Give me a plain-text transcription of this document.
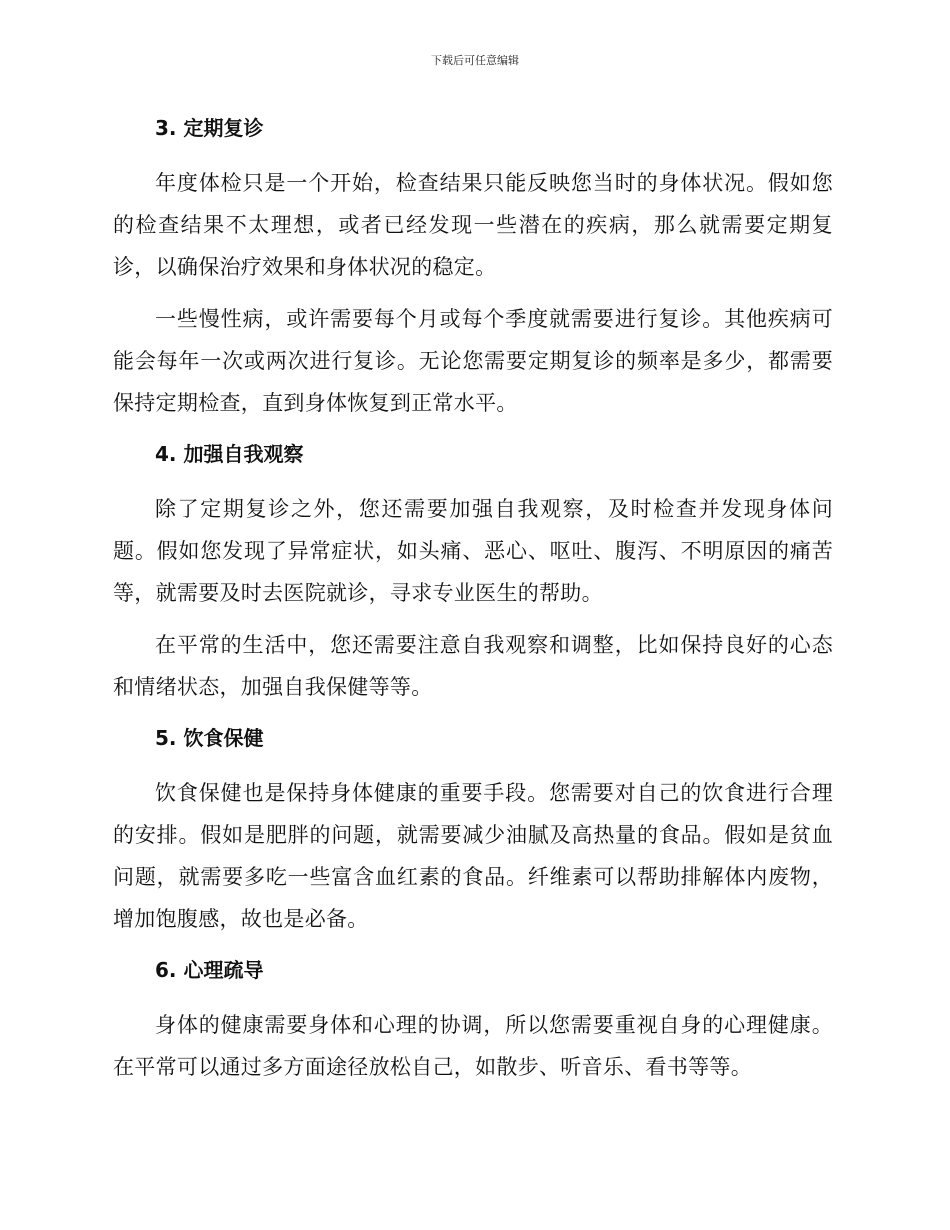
下载后可任意编辑
3. 定期复诊

年度体检只是一个开始，检查结果只能反映您当时的身体状况。假如您的检查结果不太理想，或者已经发现一些潜在的疾病，那么就需要定期复诊，以确保治疗效果和身体状况的稳定。

一些慢性病，或许需要每个月或每个季度就需要进行复诊。其他疾病可能会每年一次或两次进行复诊。无论您需要定期复诊的频率是多少，都需要保持定期检查，直到身体恢复到正常水平。

4. 加强自我观察

除了定期复诊之外，您还需要加强自我观察，及时检查并发现身体问题。假如您发现了异常症状，如头痛、恶心、呕吐、腹泻、不明原因的痛苦等，就需要及时去医院就诊，寻求专业医生的帮助。

在平常的生活中，您还需要注意自我观察和调整，比如保持良好的心态和情绪状态，加强自我保健等等。

5. 饮食保健

饮食保健也是保持身体健康的重要手段。您需要对自己的饮食进行合理的安排。假如是肥胖的问题，就需要减少油腻及高热量的食品。假如是贫血问题，就需要多吃一些富含血红素的食品。纤维素可以帮助排解体内废物，增加饱腹感，故也是必备。

6. 心理疏导

身体的健康需要身体和心理的协调，所以您需要重视自身的心理健康。在平常可以通过多方面途径放松自己，如散步、听音乐、看书等等。
